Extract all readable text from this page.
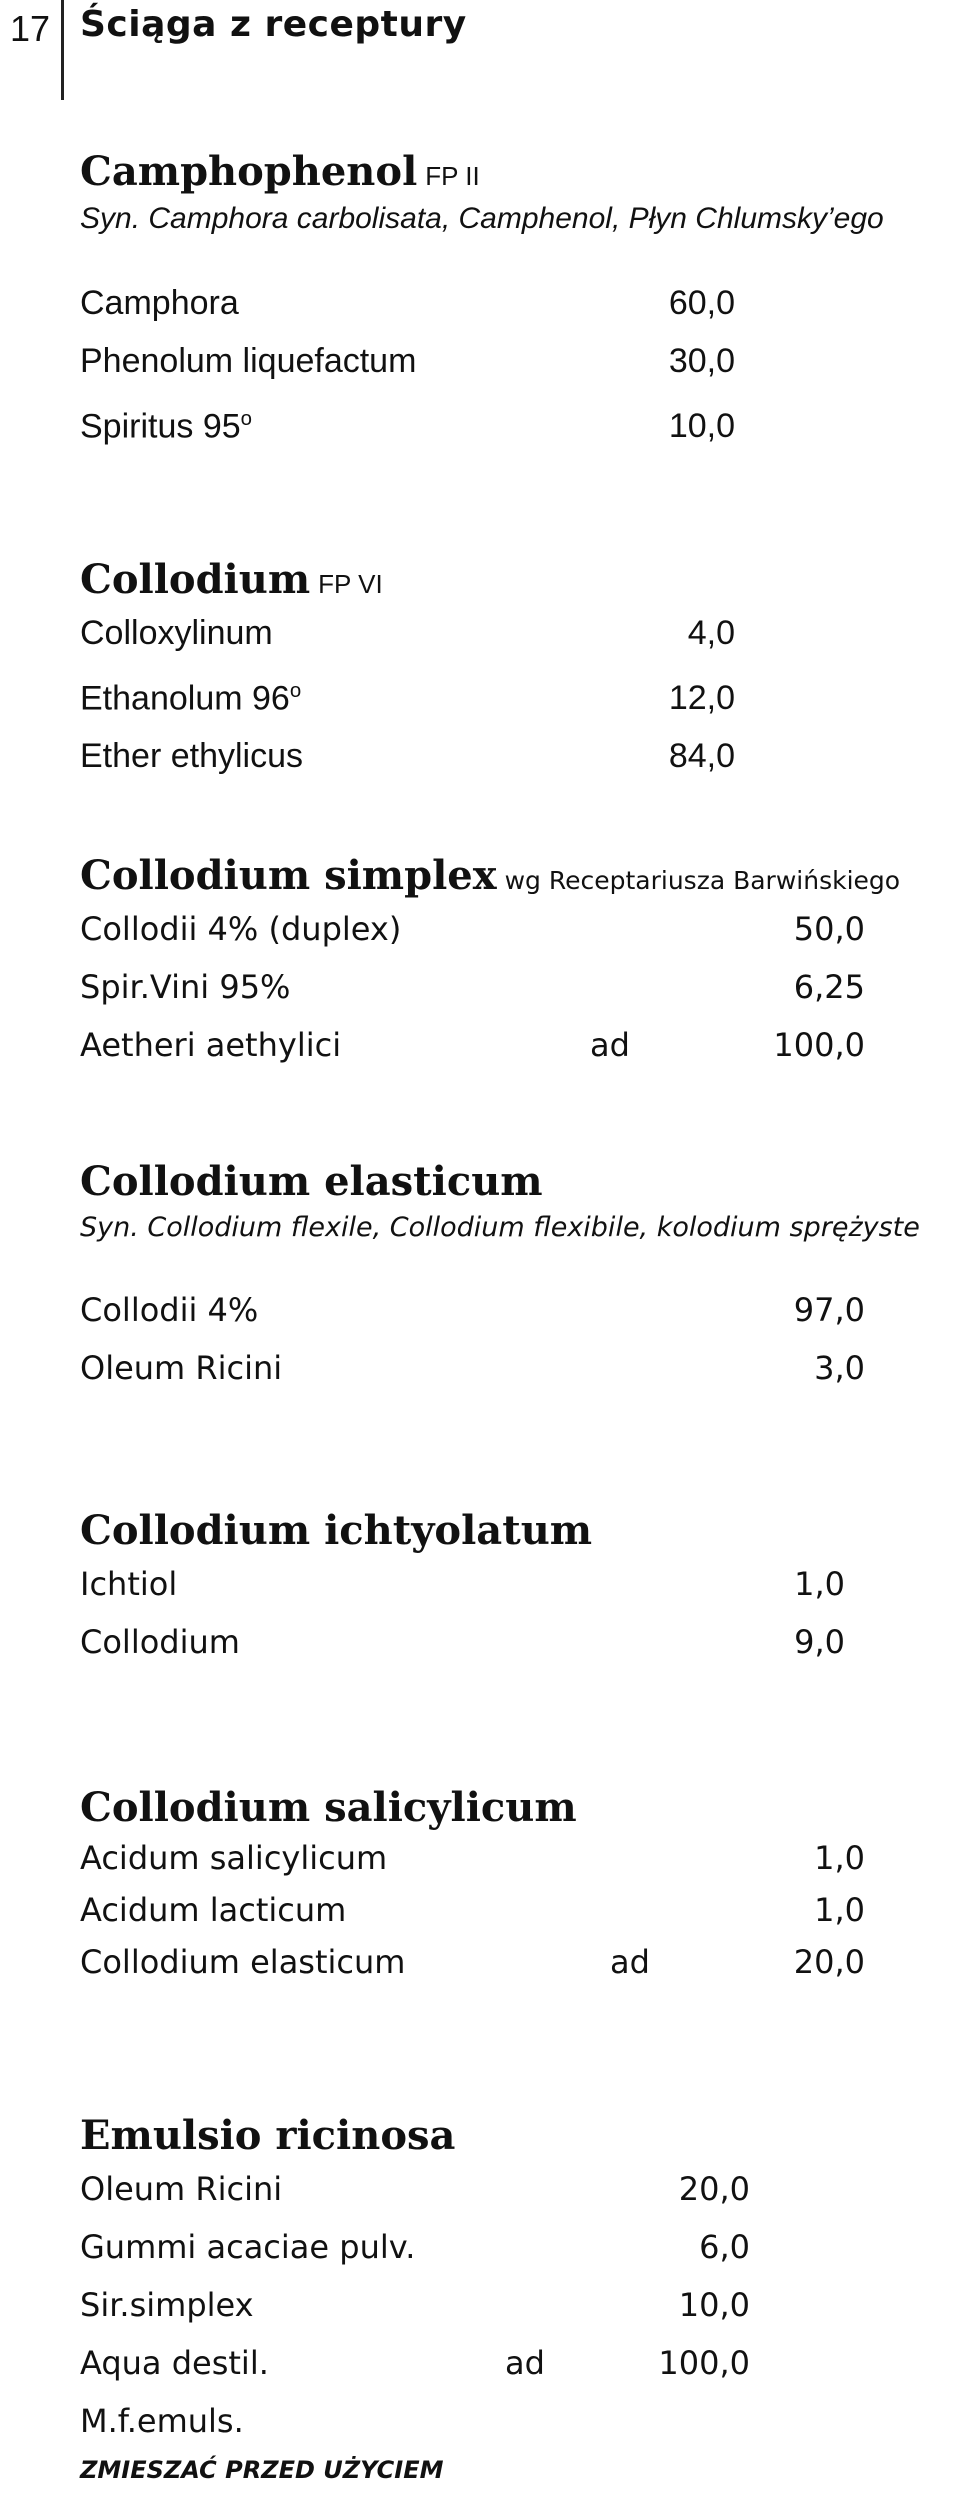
17 Ściąga z receptury
Camphophenol FP II
Syn. Camphora carbolisata, Camphenol, Płyn Chlumsky’ego
Camphora	60,0
Phenolum liquefactum	30,0
Spiritus 95$^o$	10,0
Collodium FP VI
Colloxylinum	4,0
Ethanolum 96$^o$	12,0
Ether ethylicus	84,0
Collodium simplex wg Receptariusza Barwińskiego
Collodii 4% (duplex)	50,0
Spir.Vini 95%	6,25
Aetheri aethylici	ad	100,0
Collodium elasticum
Syn. Collodium flexile, Collodium flexibile, kolodium sprężyste
Collodii 4%	97,0
Oleum Ricini	3,0
Collodium ichtyolatum
Ichtiol	1,0
Collodium	9,0
Collodium salicylicum
Acidum salicylicum	1,0
Acidum lacticum	1,0
Collodium elasticum	ad	20,0
Emulsio ricinosa
Oleum Ricini	20,0
Gummi acaciae pulv.	6,0
Sir.simplex	10,0
Aqua destil.	ad	100,0
M.f.emuls.
ZMIESZAĆ PRZED UŻYCIEM
